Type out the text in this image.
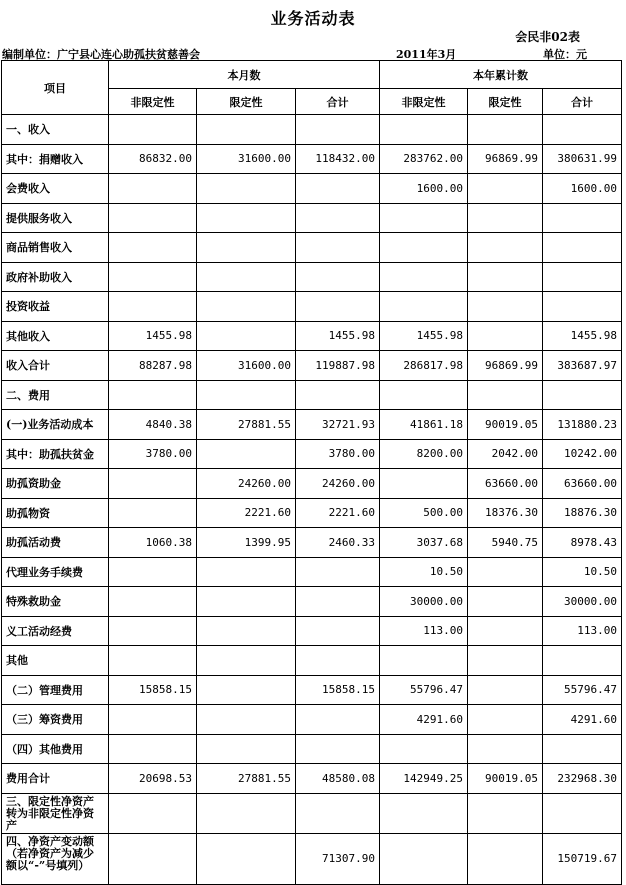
业务活动表
会民非02表
编制单位：广宁县心连心助孤扶贫慈善会	2011年3月	单位：元
项目	本月数			本年累计数		
	非限定性	限定性	合计	非限定性	限定性	合计
一、收入						
其中：捐赠收入	86832.00	31600.00	118432.00	283762.00	96869.99	380631.99
会费收入				1600.00		1600.00
提供服务收入						
商品销售收入						
政府补助收入						
投资收益						
其他收入	1455.98		1455.98	1455.98		1455.98
收入合计	88287.98	31600.00	119887.98	286817.98	96869.99	383687.97
二、费用						
(一)业务活动成本	4840.38	27881.55	32721.93	41861.18	90019.05	131880.23
其中：助孤扶贫金	3780.00		3780.00	8200.00	2042.00	10242.00
助孤资助金		24260.00	24260.00		63660.00	63660.00
助孤物资		2221.60	2221.60	500.00	18376.30	18876.30
助孤活动费	1060.38	1399.95	2460.33	3037.68	5940.75	8978.43
代理业务手续费				10.50		10.50
特殊救助金				30000.00		30000.00
义工活动经费				113.00		113.00
其他						
（二）管理费用	15858.15		15858.15	55796.47		55796.47
（三）筹资费用				4291.60		4291.60
（四）其他费用						
费用合计	20698.53	27881.55	48580.08	142949.25	90019.05	232968.30
三、限定性净资产转为非限定性净资产						
四、净资产变动额（若净资产为减少额以“-”号填列）			71307.90			150719.67
